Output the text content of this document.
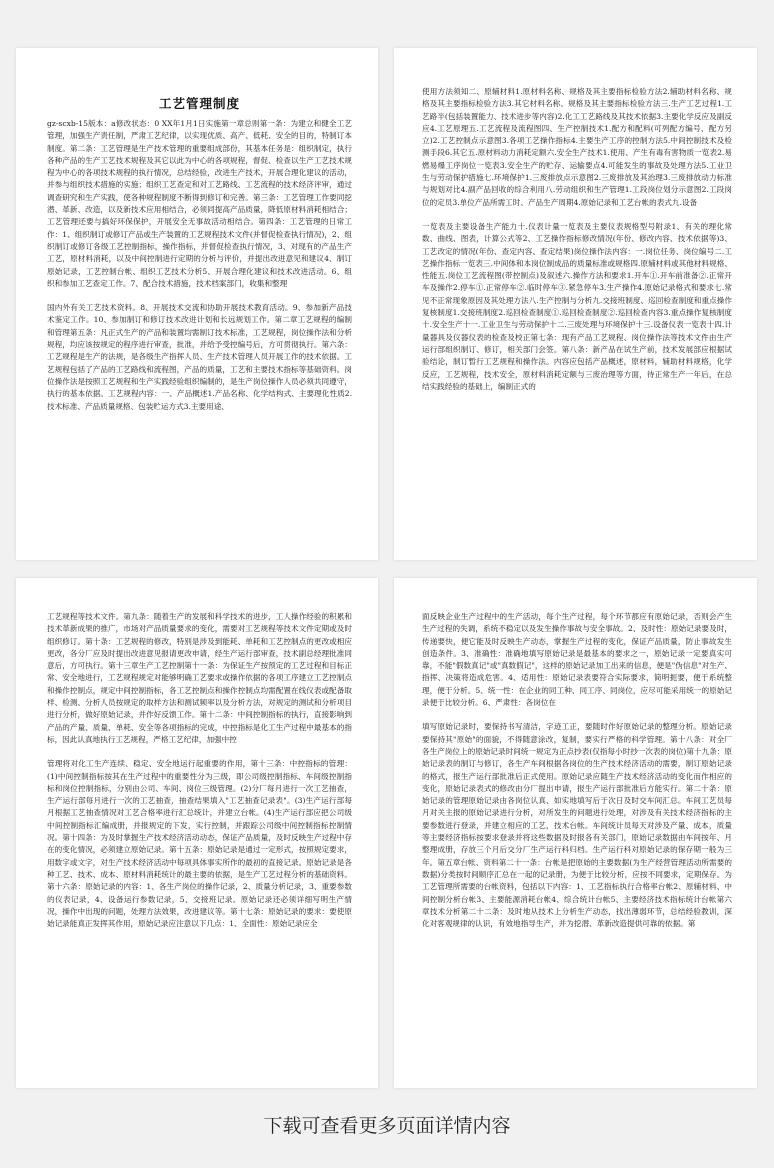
工艺管理制度

gz-scxb-15版本：a修改状态：0 XX年1月1日实施第一章总则第一条：为建立和健全工艺管理，加强生产责任制，严肃工艺纪律，以实现优质、高产、低耗、安全的目的，特制订本制度。第二条：工艺管理是生产技术管理的重要组成部份，其基本任务是：组织制定，执行各种产品的生产工艺技术规程及其它以此为中心的各项规程，督促、检查以生产工艺技术规程为中心的各项技术规程的执行情况，总结经验，改进生产技术，开展合理化建议的活动，并参与组织技术措施的实施；组织工艺查定和对工艺路线、工艺流程的技术经济评审，通过调查研究和生产实践，使各种规程制度不断得到修订和完善。第三条：工艺管理工作要同挖潜、革新、改造，以及新技术应用相结合，必须同提高产品质量，降低原材料消耗相结合；工艺管理还要与搞好环保保护，开展安全无事故活动相结合。第四条：工艺管理的日常工作：1、组织制订或修订产品或生产装置的工艺规程技术文件(并督促检查执行情况)，2、组织制订或修订各级工艺控制指标，操作指标，并督促检查执行情况，3、对现有的产品生产工艺，原材料消耗，以及中间控制进行定期的分析与评价，并提出改进意见和建议4、制订原始记录，工艺控制台帐、组织工艺技术分析5、开展合理化建议和技术改进活动。6、组织和参加工艺查定工作。7、配合技术措施，技术档案部门，收集和整理

国内外有关工艺技术资料。8、开展技术交流和协助开展技术教育活动。9、参加新产品技术鉴定工作。10、参加制订和修订技术改进计划和长远规划工作。第二章工艺规程的编制和管理第五条：凡正式生产的产品和装置均需制订技术标准，工艺规程，岗位操作法和分析规程，均应该按规定的程序进行审查，批准，并给予受控编号后，方可贯彻执行。第六条：工艺规程是生产的法规，是各级生产指挥人员、生产技术管理人员开展工作的技术依据。工艺规程包括了产品的工艺路线和流程图，产品的质量，工艺和主要技术指标等基础资料。岗位操作法是按照工艺规程和生产实践经验组织编制的，是生产岗位操作人员必须共同遵守，执行的基本依据。工艺规程内容：一、产品概述1.产品名称、化学结构式、主要理化性质2.技术标准、产品质量规格、包装贮运方式3.主要用途、

使用方法须知二、原辅材料1.原材料名称、规格及其主要指标检验方法2.辅助材料名称、规格及其主要指标检验方法3.其它材料名称、规格及其主要指标检验方法三.生产工艺过程1.工艺路半(包括装置能力、技术进步等内容)2.化工工艺路线及其技术依据3.主要化学反应及副反应4.工艺原理五.工艺流程及流程图四、生产控制技术1.配方和配料(可列配方编号、配方另立)2.工艺控制点示意图3.各项工艺操作指标4.主要生产工序的控制方法5.中间控制技术及检测手段6.其它五.原材料动力消耗定额六.安全生产技术1.使用、产生有毒有害物质一览表2.易燃易爆工序岗位一览表3.安全生产的贮存、运输要点4.可能发生的事故及处理方法5.工业卫生与劳动保护措施七.环境保护1.三废排放点示意图2.三废排放及其治理3.三废排放动力标准与规划对比4.副产品回收的综合利用八.劳动组织和生产管理1.工段岗位划分示意图2.工段岗位的定员3.单位产品所需工时、产品生产周期4.原始记录和工艺台帐的表式九.设备

一览表及主要设备生产能力十.仪表计量一览表及主要仪表规格型号附录1、有关的理化常数、曲线、图表，计算公式等2、工艺操作指标修改情况(年份、修改内容、技术依据等)3、工艺改定的情况(年份、查定内容、查定结果)岗位操作法内容：一.岗位任务、岗位编号二.工艺操作指标一览表三.中间体和本岗位制成品的质量标准或规格四.原辅材料或其他材料规格、性能五.岗位工艺流程图(带控制点)及叙述六.操作方法和要求1.开车①.开车前准备②.正常开车及操作2.停车①.正常停车②.临时停车③.紧急停车3.生产操作4.原始记录格式和要求七.常见不正常现象原因及其处理方法八.生产控制与分析九.交接班制度、巡回检查制度和重点操作复核制度1.交接班制度2.巡回检查制度①.巡回检查制度②.巡回检查内容3.重点操作复核制度十.安全生产十一.工业卫生与劳动保护十二.三废处理与环境保护十三.设备仪表一览表十四.计量器具及仪器仪表的检查及校正第七条：现有产品工艺规程、岗位操作法等技术文件由生产运行部组织制订、修订，相关部门会签。第八条：新产品在试生产前，技术发展部应根据试验结论，制订暂行工艺规程和操作法。内容应包括产品概述，原材料，辅助材料规格，化学反应，工艺规程，技术安全，原材料消耗定额与三废治理等方面，待正常生产一年后，在总结实践经验的基础上，编制正式的

工艺规程等技术文件。第九条：随着生产的发展和科学技术的进步，工人操作经验的积累和技术革新成果的推广，市场对产品质量要求的变化，需要对工艺规程等技术文件定期或及时组织修订。第十条：工艺规程的修改，特别是涉及到能耗、单耗和工艺控制点的更改或相应更改，各分厂应及时提出改进意见报请更改申请，经生产运行部审查，技术副总经理批准同意后，方可执行。第十三章生产工艺控制第十一条：为保证生产按预定的工艺过程和目标正常、安全地进行，工艺规程规定对能够明确工艺要求或操作依据的各项工序建立工艺控制点和操作控制点，规定中间控制指标，各工艺控制点和操作控制点均需配置在线仪表或配备取样、检测、分析人员按规定的取样方法和测试频率以及分析方法，对规定的测试和分析项目进行分析，做好原始记录，并作好反馈工作。第十二条：中间控制指标的执行，直接影响到产品的产量、质量、单耗、安全等各项指标的完成，中控指标是化工生产过程中最基本的指标，因此认真地执行工艺规程，严格工艺纪律，加强中控

管理将对化工生产连续、稳定、安全地运行起重要的作用，第十三条：中控指标的管理：(1)中间控制指标按其在生产过程中的重要性分为三级，即公司级控制指标、车间级控制指标和岗位控制指标，分别由公司、车间、岗位三级管理。(2)分厂每月进行一次工艺抽查，生产运行部每月进行一次的工艺抽查，抽查结果填入"工艺抽查记录表"。(3)生产运行部每月根据工艺抽查情况对工艺合格率进行汇总统计，并建立台帐。(4)生产运行部应把公司级中间控制指标汇编成册，并报规定的下发，实行控制，并跟踪公司级中间控制指标控制情况。第十四条：为及时掌握生产技术经济活动动态，保证产品质量，及时反映生产过程中存在的变化情况，必须建立原始记录。第十五条：原始记录是通过一定形式，按照规定要求，用数字或文字，对生产技术经济活动中每项具体事实所作的最初的直接记录。原始记录是各种工艺、技术、成本、原材料消耗统计的最主要的依据，是生产工艺过程分析的基础资料。第十六条：原始记录的内容：1、各生产岗位的操作记录，2、质量分析记录，3、重要参数的仪表记录，4、设备运行参数记录，5、交接班记录。原始记录还必须详细写明生产情况，操作中出现的问题，处理方法效果，改进建议等。第十七条：原始记录的要求：要使原始记录能真正发挥其作用，原始记录应注意以下几点：1、全面性：原始记录应全

面反映企业生产过程中的生产活动，每个生产过程，每个环节都应有原始记录，否则会产生生产过程的失调，系统不稳定以及发生操作事故与安全事故。2、及时性：原始记录要及时，传递要快，便它能及时反映生产动态，掌握生产过程的变化，保证产品质量，防止事故发生创造条件。3、准确性：准确地填写原始记录是最基本的要求之一，原始记录一定要真实可靠，不能"假数真记"或"真数假记"，这样的原始记录加工出来的信息，便是"伪信息"对生产、指挥、决策将造成危害。4、适用性：原始记录表要符合实际要求，简明扼要，便于系统整理，便于分析。5、统一性：在企业的同工种、同工序、同岗位，应尽可能采用统一的原始记录便于比较分析。6、严肃性：各岗位在

填写原始记录时，要保持书写清洁，字迹工正，要随时作好原始记录的整理分析。原始记录要保持其"原始"的面貌，不得随意涂改，复制，要实行严格的科学管理。第十八条：对全厂各生产岗位上的原始记录时间统一规定为正点抄表(仅指每小时抄一次表的岗位)第十九条：原始记录表的制订与修订，各生产车间根据各岗位的生产技术经济活动的需要，制订原始记录的格式，报生产运行部批准后正式使用。原始记录应随生产技术经济活动的变化而作相应的变化，原始记录表式的修改由分厂提出申请，报生产运行部批准后方能实行。第二十条：原始记录的管理原始记录由各岗位认真、如实地填写后于次日及时交车间汇总。车间工艺员每月对关主报的原始记录进行分析，对所发生的问题进行处理，对涉及有关技术经济指标的主要参数进行登录，并建立相应的工艺，技术台帐。车间统计员每天对涉及产量、成本，质量等主要经济指标按要求登录并将这些数据及时报各有关部门，原始记录数据由车间按年、月整理成册，存放三个月后交分厂生产运行科归档。生产运行科对原始记录的保存期一般为三年。第五章台帐、资料第二十一条：台帐是把原始的主要数据(为生产经营管理活动所需要的数据)分类按时间顺序汇总在一起的记录册，为便于比较分析，应按不同要求，定期保存。为工艺管理所需要的台帐资料，包括以下内容：1、工艺指标执行合格率台帐2、原辅材料、中间控制分析台帐3、主要能源消耗台帐4、综合统计台帐5、主要经济技术指标统计台帐第六章技术分析第二十二条：及时地从技术上分析生产动态，找出薄弱环节，总结经验教训，深化对客观规律的认识，有效地指导生产，并为挖潜、革新改造提供可靠的依据。第

下载可查看更多页面详情内容
